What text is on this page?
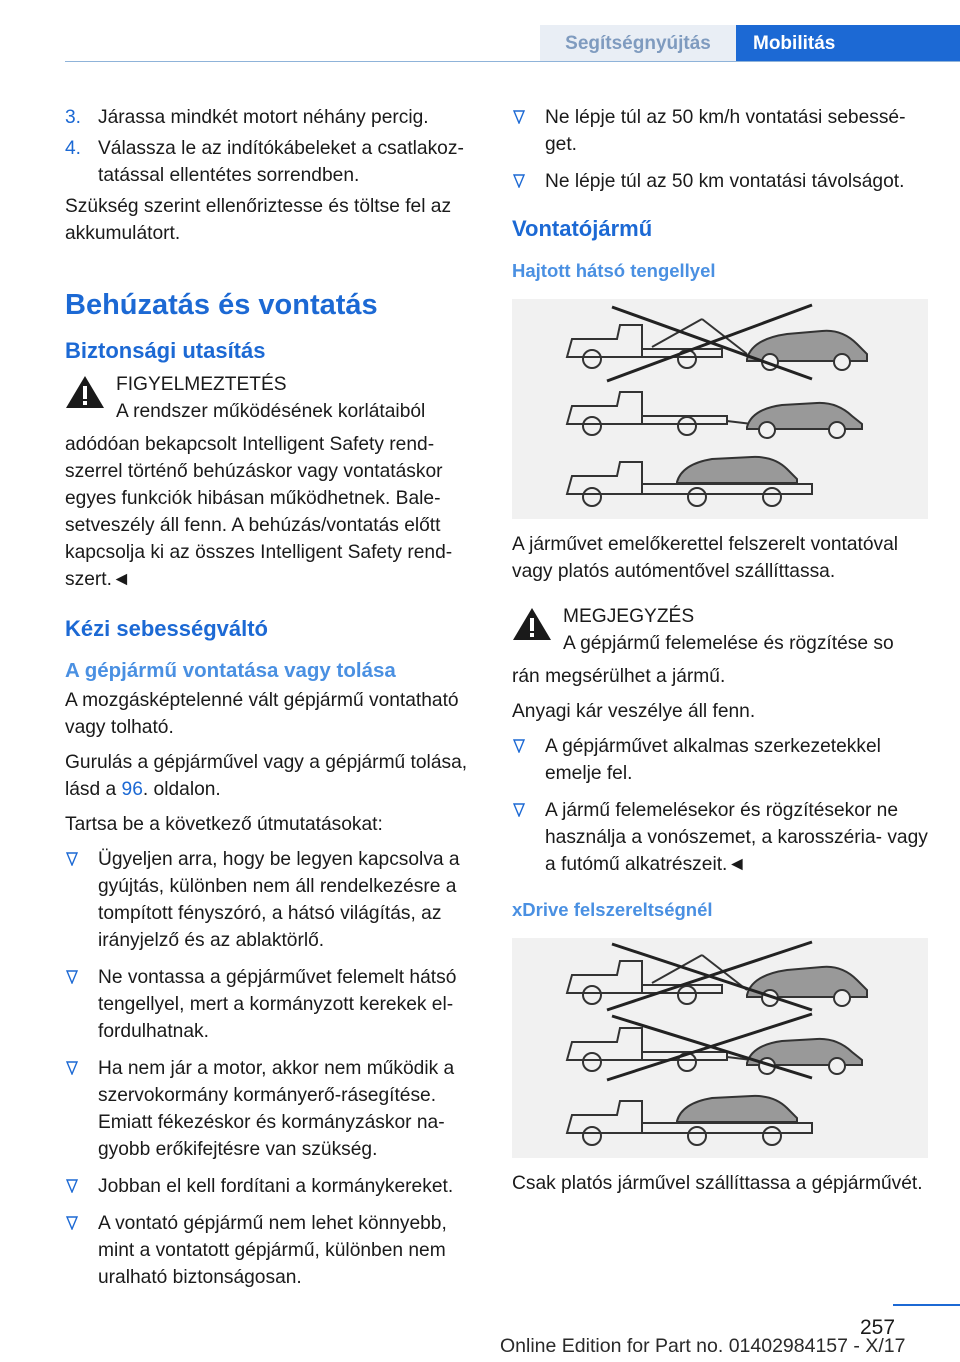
Segítségnyújtás	Mobilitás
3. Járassa mindkét motort néhány percig.
4. Válassza le az indítókábeleket a csatlakoztatással ellentétes sorrendben.

Szükség szerint ellenőriztesse és töltse fel az akkumulátort.

Behúzatás és vontatás
Biztonsági utasítás
FIGYELMEZTETÉS
A rendszer működésének korlátaiból

adódóan bekapcsolt Intelligent Safety rendszerrel történő behúzáskor vagy vontatáskor egyes funkciók hibásan működhetnek. Balesetveszély áll fenn. A behúzás/vontatás előtt kapcsolja ki az összes Intelligent Safety rendszert.◄

Kézi sebességváltó
A gépjármű vontatása vagy tolása

A mozgásképtelenné vált gépjármű vontatható vagy tolható.

Gurulás a gépjárművel vagy a gépjármű tolása, lásd a 96. oldalon.

Tartsa be a következő útmutatásokat:

Ügyeljen arra, hogy be legyen kapcsolva a gyújtás, különben nem áll rendelkezésre a tompított fényszóró, a hátsó világítás, az irányjelző és az ablaktörlő.
Ne vontassa a gépjárművet felemelt hátsó tengellyel, mert a kormányzott kerekek elfordulhatnak.
Ha nem jár a motor, akkor nem működik a szervokormány kormányerő-rásegítése. Emiatt fékezéskor és kormányzáskor nagyobb erőkifejtésre van szükség.
Jobban el kell fordítani a kormánykereket.
A vontató gépjármű nem lehet könnyebb, mint a vontatott gépjármű, különben nem uralható biztonságosan.
Ne lépje túl az 50 km/h vontatási sebességet.
Ne lépje túl az 50 km vontatási távolságot.
Vontatójármű
Hajtott hátsó tengellyel

A járművet emelőkerettel felszerelt vontatóval vagy platós autómentővel szállíttassa.

MEGJEGYZÉS
A gépjármű felemelése és rögzítése so

rán megsérülhet a jármű.

Anyagi kár veszélye áll fenn.

A gépjárművet alkalmas szerkezetekkel emelje fel.
A jármű felemelésekor és rögzítésekor ne használja a vonószemet, a karosszéria- vagy a futómű alkatrészeit.◄
xDrive felszereltségnél

Csak platós járművel szállíttassa a gépjárművét.

257
Online Edition for Part no. 01402984157 - X/17
